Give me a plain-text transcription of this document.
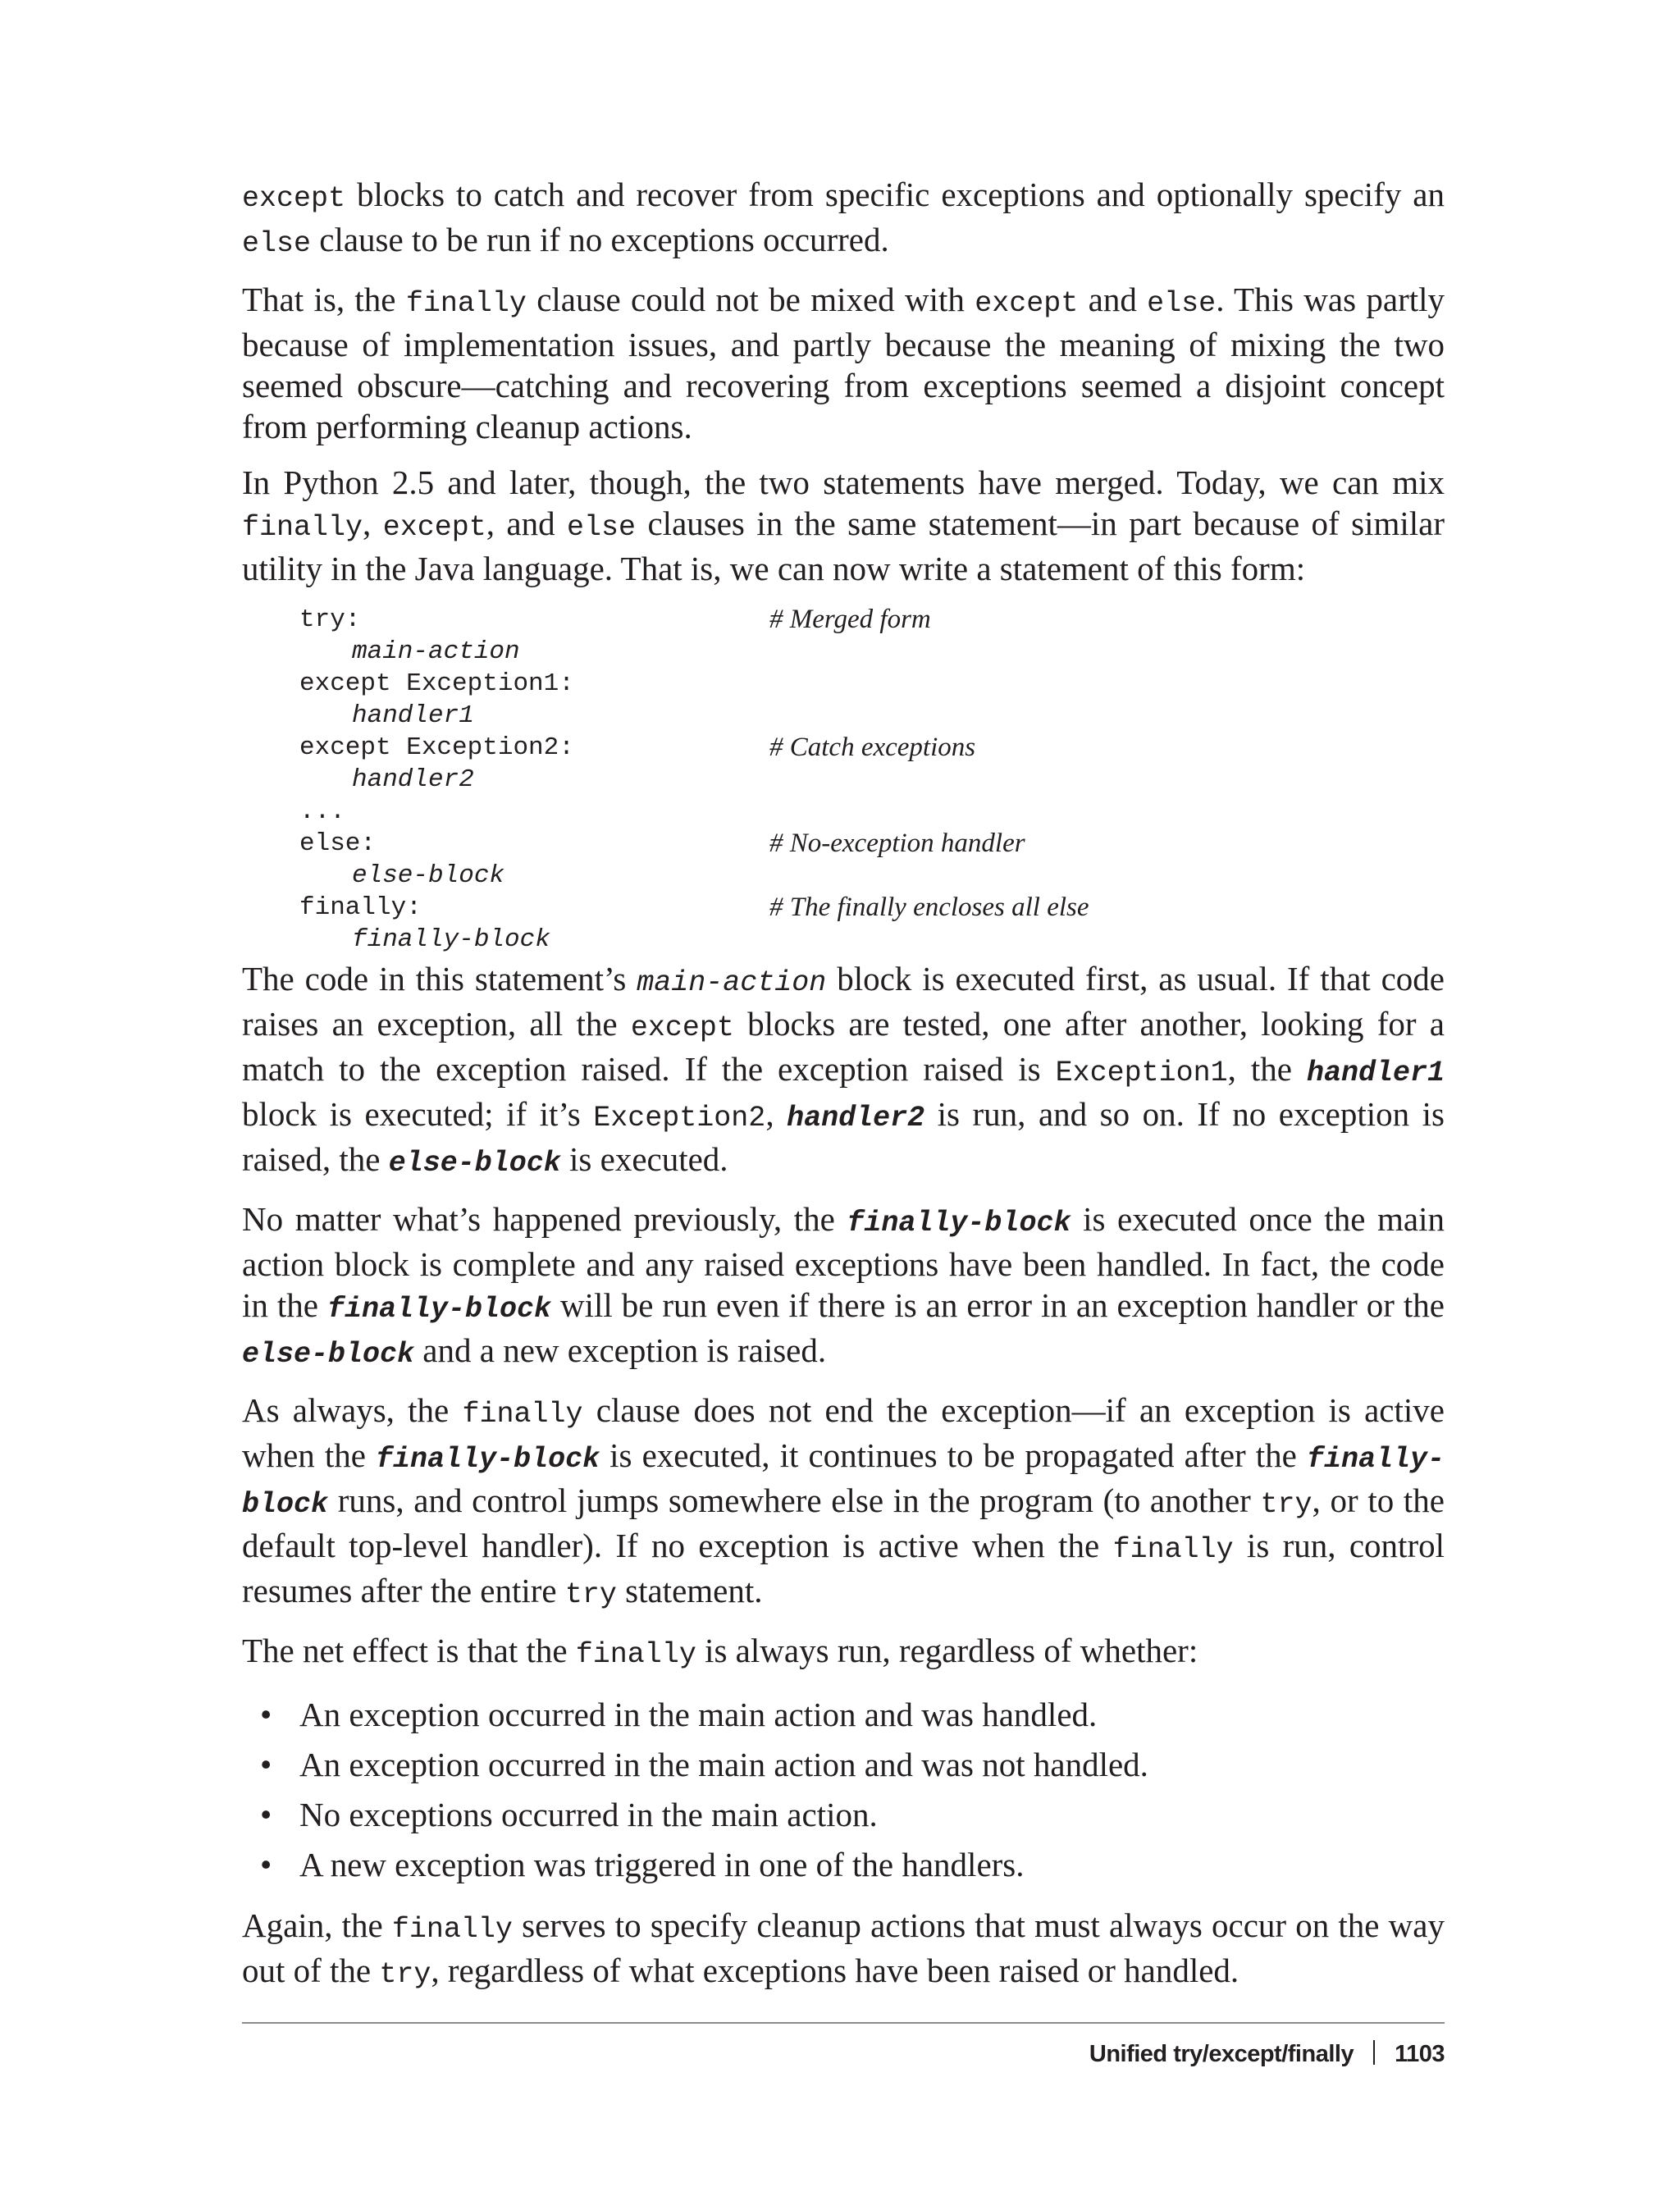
except blocks to catch and recover from specific exceptions and optionally specify an else clause to be run if no exceptions occurred.

That is, the finally clause could not be mixed with except and else. This was partly because of implementation issues, and partly because the meaning of mixing the two seemed obscure—catching and recovering from exceptions seemed a disjoint concept from performing cleanup actions.

In Python 2.5 and later, though, the two statements have merged. Today, we can mix finally, except, and else clauses in the same statement—in part because of similar utility in the Java language. That is, we can now write a statement of this form:

try:	# Merged form
main-action
except Exception1:
handler1
except Exception2:	# Catch exceptions
handler2
...
else:	# No-exception handler
else-block
finally:	# The finally encloses all else
finally-block

The code in this statement’s main-action block is executed first, as usual. If that code raises an exception, all the except blocks are tested, one after another, looking for a match to the exception raised. If the exception raised is Exception1, the handler1 block is executed; if it’s Exception2, handler2 is run, and so on. If no exception is raised, the else-block is executed.

No matter what’s happened previously, the finally-block is executed once the main action block is complete and any raised exceptions have been handled. In fact, the code in the finally-block will be run even if there is an error in an exception handler or the else-block and a new exception is raised.

As always, the finally clause does not end the exception—if an exception is active when the finally-block is executed, it continues to be propagated after the finally-block runs, and control jumps somewhere else in the program (to another try, or to the default top-level handler). If no exception is active when the finally is run, control resumes after the entire try statement.

The net effect is that the finally is always run, regardless of whether:

• An exception occurred in the main action and was handled.
• An exception occurred in the main action and was not handled.
• No exceptions occurred in the main action.
• A new exception was triggered in one of the handlers.

Again, the finally serves to specify cleanup actions that must always occur on the way out of the try, regardless of what exceptions have been raised or handled.

Unified try/except/finally 1103
